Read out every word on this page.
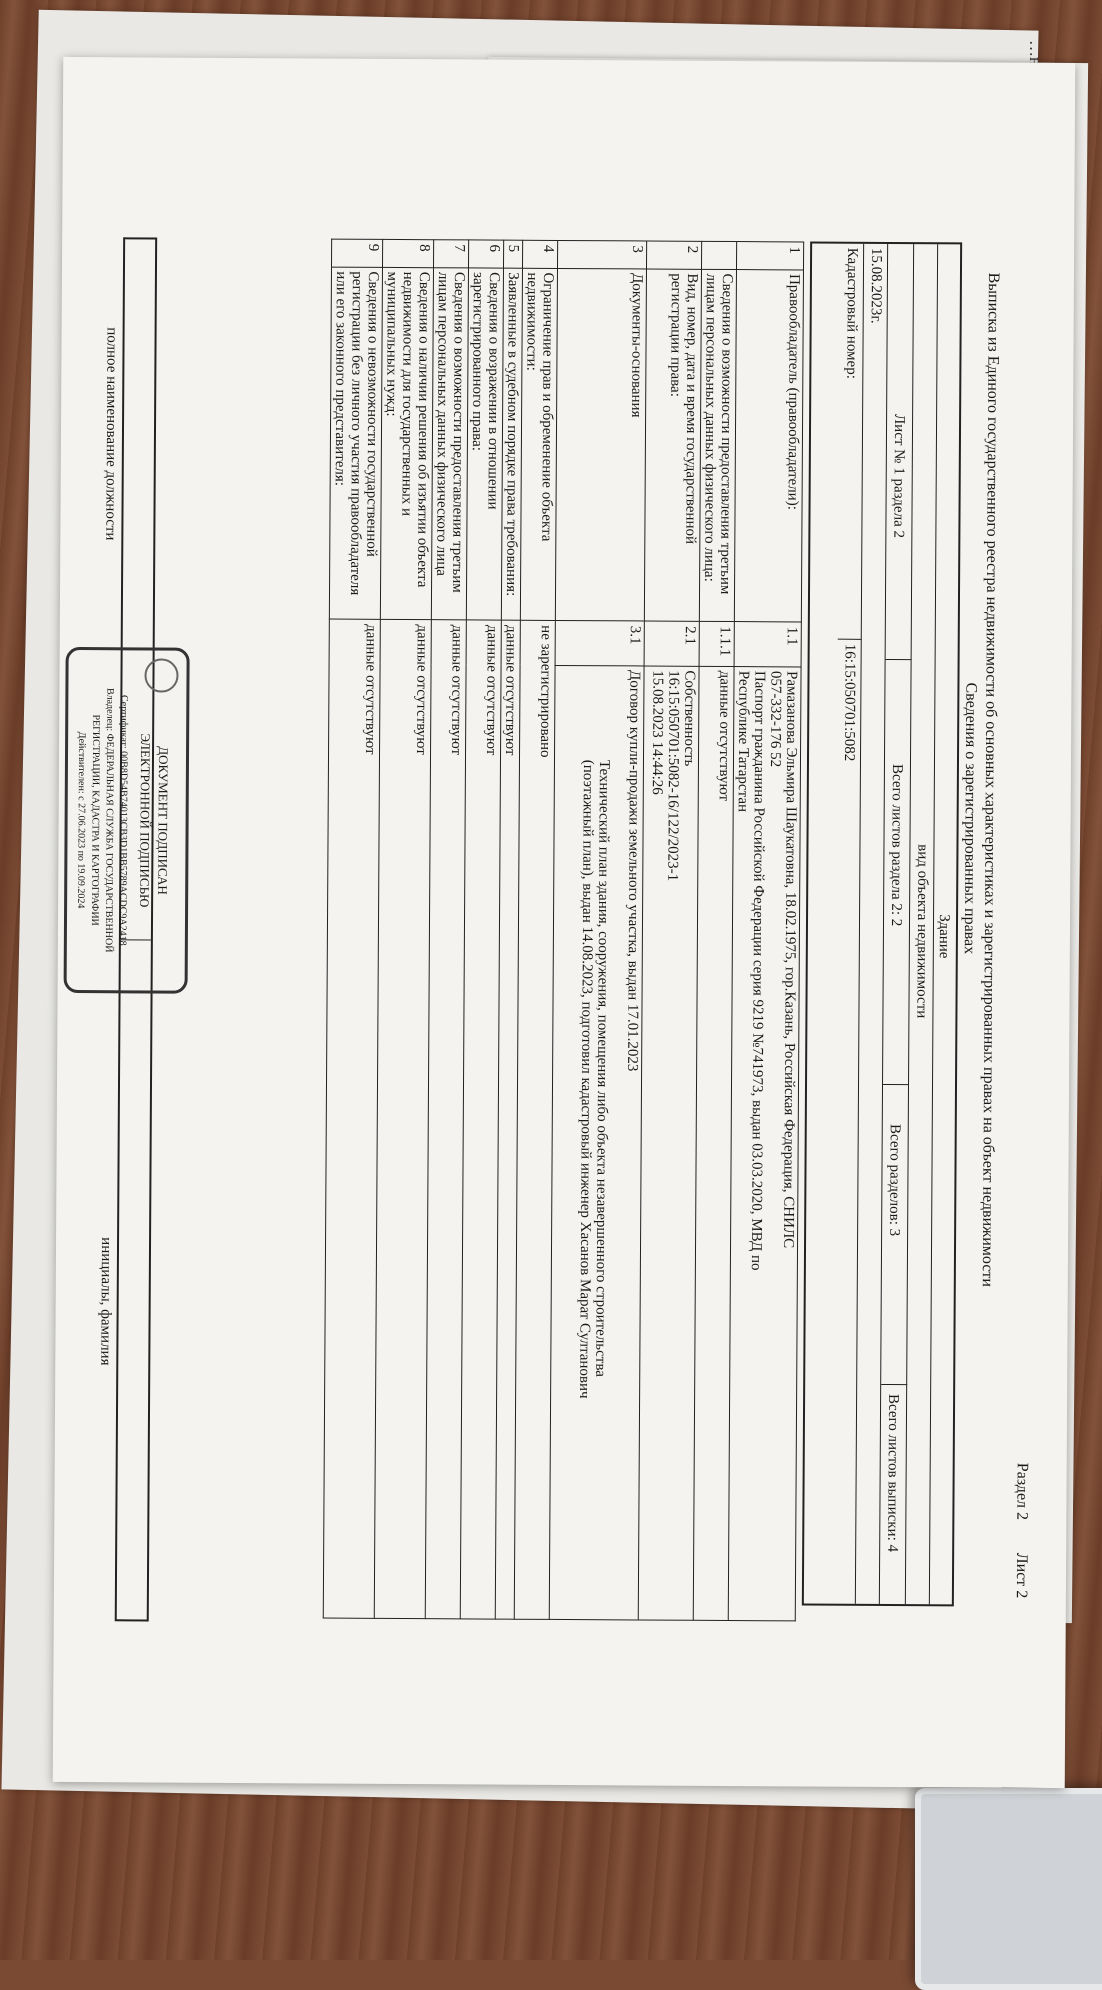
Раздел 2
Лист 2
Выписка из Единого государственного реестра недвижимости об основных характеристиках и зарегистрированных правах на объект недвижимости
Сведения о зарегистрированных правах
Здание
вид объекта недвижимости
Лист № 1 раздела 2
Всего листов раздела 2: 2
Всего разделов: 3
Всего листов выписки: 4
15.08.2023г.
Кадастровый номер:
16:15:050701:5082
1	Правообладатель (правообладатели):	1.1	Рамазанова Эльмира Шаукатовна, 18.02.1975, гор.Казань, Российская Федерация, СНИЛС
057-332-176 52
Паспорт гражданина Российской Федерации серия 9219 №741973, выдан 03.03.2020, МВД по
Республике Татарстан

	Сведения о возможности предоставления третьим лицам персональных данных физического лица:	1.1.1	данные отсутствуют

2	Вид, номер, дата и время государственной регистрации права:	2.1	Собственность
16:15:050701:5082-16/122/2023-1
15.08.2023 14:44:26

3	Документы-основания	3.1	Договор купли-продажи земельного участка, выдан 17.01.2023
Технический план здания, сооружения, помещения либо объекта незавершенного строительства
(поэтажный план), выдан 14.08.2023, подготовил кадастровый инженер Хасанов Марат Султанович

4	Ограничение прав и обременение объекта недвижимости:	не зарегистрировано	
5	Заявленные в судебном порядке права требования:	данные отсутствуют	
6	Сведения о возражении в отношении зарегистрированного права:	данные отсутствуют	
7	Сведения о возможности предоставления третьим лицам персональных данных физического лица	данные отсутствуют	
8	Сведения о наличии решения об изъятии объекта недвижимости для государственных и муниципальных нужд:	данные отсутствуют	
9	Сведения о невозможности государственной регистрации без личного участия правообладателя или его законного представителя:	данные отсутствуют	
полное наименование должности
инициалы, фамилия
ДОКУМЕНТ ПОДПИСАН
ЭЛЕКТРОННОЙ ПОДПИСЬЮ
Сертификат: 00B8D54B74013CB3D1BB5789ACDC9A2418
Владелец: ФЕДЕРАЛЬНАЯ СЛУЖБА ГОСУДАРСТВЕННОЙ
РЕГИСТРАЦИИ, КАДАСТРА И КАРТОГРАФИИ
Действителен: с 27.06.2023 по 19.09.2024
